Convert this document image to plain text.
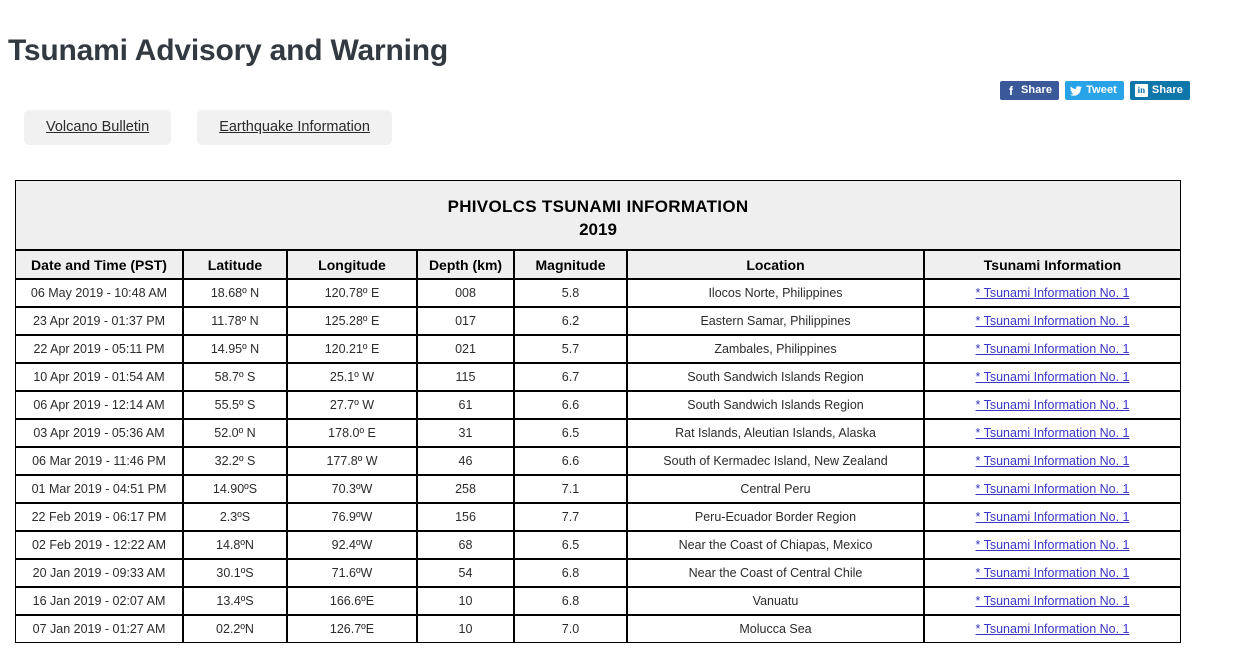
Tsunami Advisory and Warning
f Share	Tweet	in Share
Volcano Bulletin	Earthquake Information
PHIVOLCS TSUNAMI INFORMATION
2019						

Date and Time (PST)	Latitude	Longitude	Depth (km)	Magnitude	Location	Tsunami Information
06 May 2019 - 10:48 AM	18.68º N	120.78º E	008	5.8	Ilocos Norte, Philippines	* Tsunami Information No. 1
23 Apr 2019 - 01:37 PM	11.78º N	125.28º E	017	6.2	Eastern Samar, Philippines	* Tsunami Information No. 1
22 Apr 2019 - 05:11 PM	14.95º N	120.21º E	021	5.7	Zambales, Philippines	* Tsunami Information No. 1
10 Apr 2019 - 01:54 AM	58.7º S	25.1º W	115	6.7	South Sandwich Islands Region	* Tsunami Information No. 1
06 Apr 2019 - 12:14 AM	55.5º S	27.7º W	61	6.6	South Sandwich Islands Region	* Tsunami Information No. 1
03 Apr 2019 - 05:36 AM	52.0º N	178.0º E	31	6.5	Rat Islands, Aleutian Islands, Alaska	* Tsunami Information No. 1
06 Mar 2019 - 11:46 PM	32.2º S	177.8º W	46	6.6	South of Kermadec Island, New Zealand	* Tsunami Information No. 1
01 Mar 2019 - 04:51 PM	14.90ºS	70.3ºW	258	7.1	Central Peru	* Tsunami Information No. 1
22 Feb 2019 - 06:17 PM	2.3ºS	76.9ºW	156	7.7	Peru-Ecuador Border Region	* Tsunami Information No. 1
02 Feb 2019 - 12:22 AM	14.8ºN	92.4ºW	68	6.5	Near the Coast of Chiapas, Mexico	* Tsunami Information No. 1
20 Jan 2019 - 09:33 AM	30.1ºS	71.6ºW	54	6.8	Near the Coast of Central Chile	* Tsunami Information No. 1
16 Jan 2019 - 02:07 AM	13.4ºS	166.6ºE	10	6.8	Vanuatu	* Tsunami Information No. 1
07 Jan 2019 - 01:27 AM	02.2ºN	126.7ºE	10	7.0	Molucca Sea	* Tsunami Information No. 1
